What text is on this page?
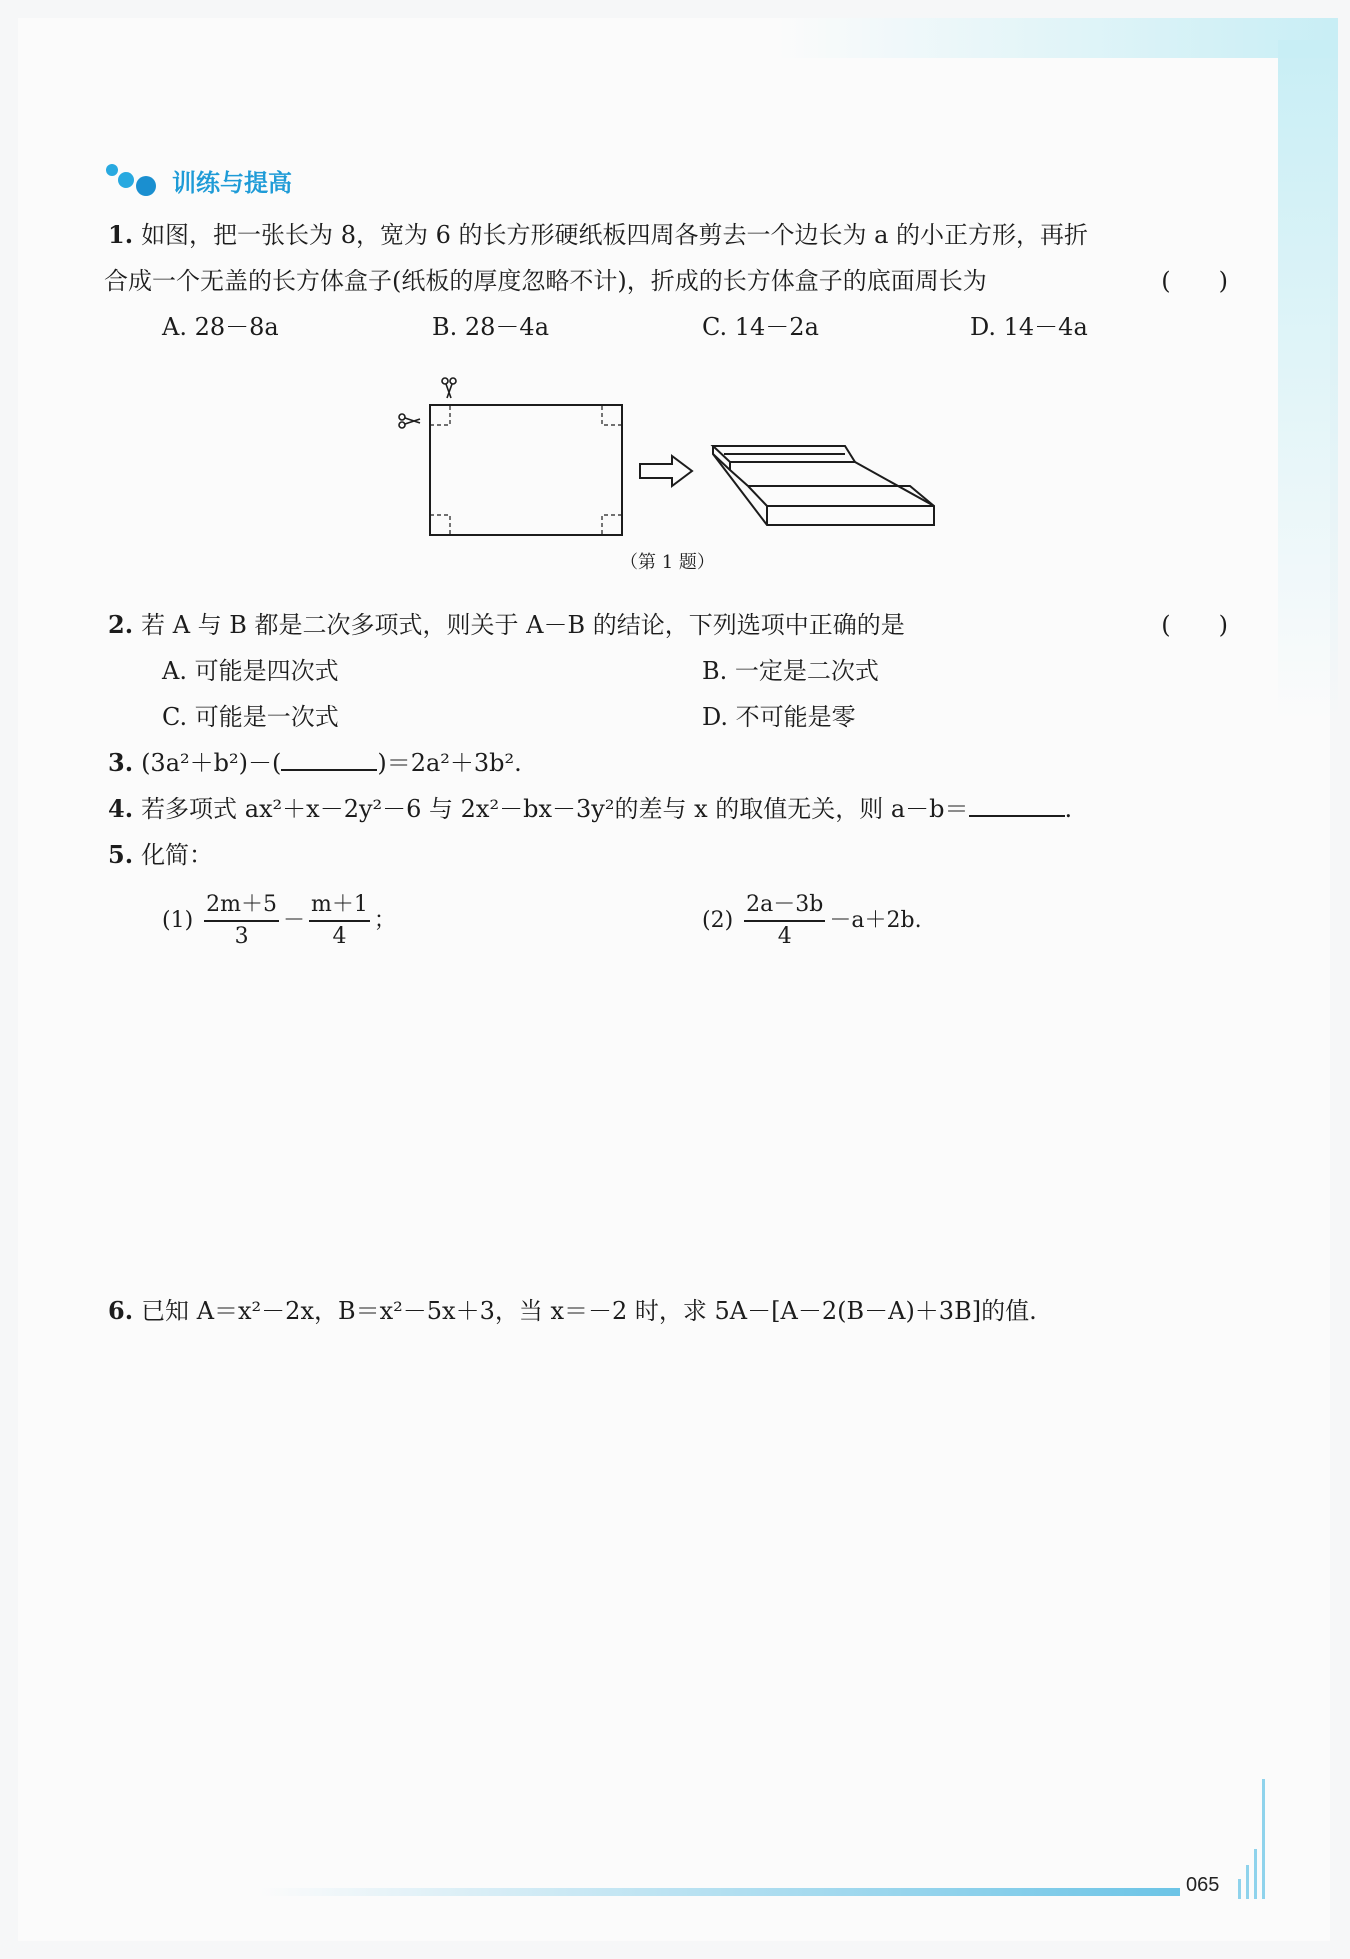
训练与提高
1. 如图，把一张长为 8，宽为 6 的长方形硬纸板四周各剪去一个边长为 a 的小正方形，再折
合成一个无盖的长方体盒子(纸板的厚度忽略不计)，折成的长方体盒子的底面周长为	(　　)
A. 28－8a	B. 28－4a	C. 14－2a	D. 14－4a
（第 1 题）
2. 若 A 与 B 都是二次多项式，则关于 A－B 的结论，下列选项中正确的是	(　　)
A. 可能是四次式	B. 一定是二次式
C. 可能是一次式	D. 不可能是零
3. (3a²＋b²)－(	)＝2a²＋3b².
4. 若多项式 ax²＋x－2y²－6 与 2x²－bx－3y²的差与 x 的取值无关，则 a－b＝	.
5. 化简：
$(1) \frac{2m+5}{3} - \frac{m+1}{4}$ ；	$(2) \frac{2a-3b}{4} -a+2b$.
6. 已知 A＝x²－2x，B＝x²－5x＋3，当 x＝－2 时，求 5A－[A－2(B－A)＋3B]的值.
065
